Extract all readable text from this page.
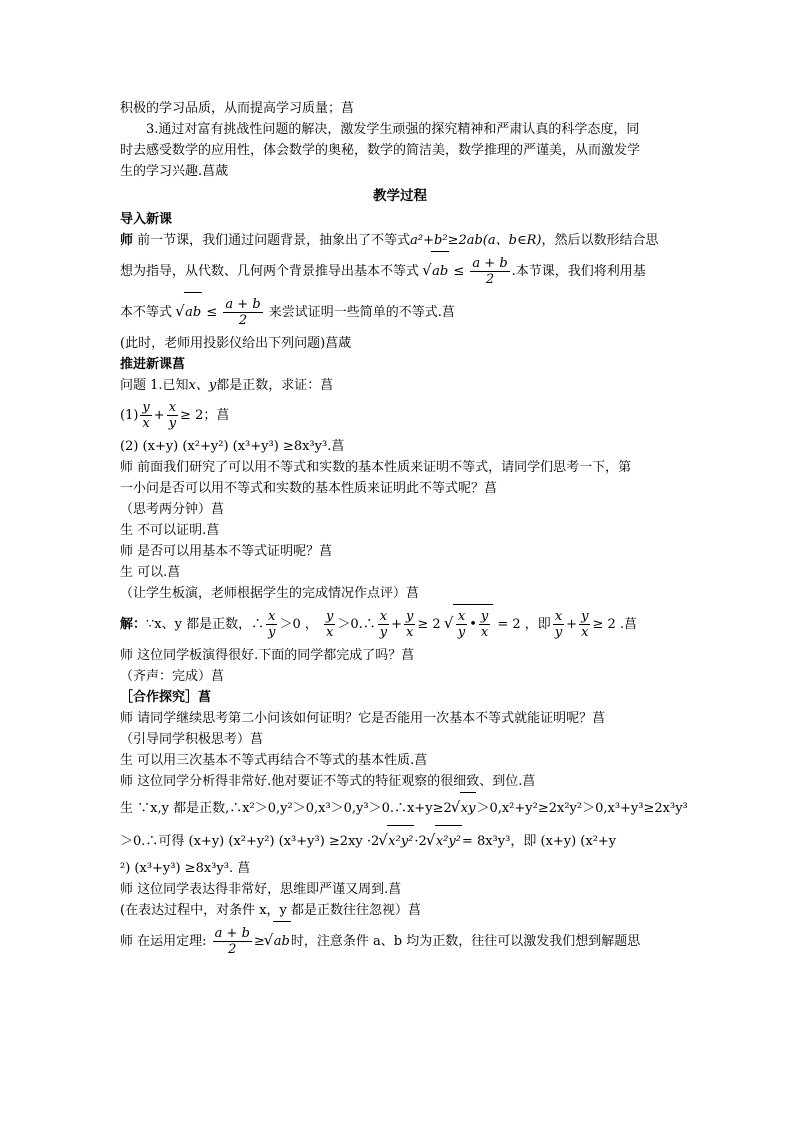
积极的学习品质，从而提高学习质量；菖
3.通过对富有挑战性问题的解决，激发学生顽强的探究精神和严肃认真的科学态度，同
时去感受数学的应用性，体会数学的奥秘，数学的简洁美，数学推理的严谨美，从而激发学
生的学习兴趣.菖蒧
教学过程
导入新课
师 前一节课，我们通过问题背景，抽象出了不等式a²+b²≥2ab(a、b∈R)，然后以数形结合思
想为指导，从代数、几何两个背景推导出基本不等式 √ ab ≤ $\frac{a + b}{2}$ .本节课，我们将利用基
本不等式 √ ab ≤ $\frac{a + b}{2}$ 来尝试证明一些简单的不等式.菖
(此时，老师用投影仪给出下列问题)菖蒧
推进新课菖
问题 1.已知x、y都是正数，求证：菖
$(1) \frac{y}{x} + \frac{x}{y} \ge 2$；菖
(2) (x+y) (x²+y²) (x³+y³) ≥8x³y³.菖
师 前面我们研究了可以用不等式和实数的基本性质来证明不等式，请同学们思考一下，第
一小问是否可以用不等式和实数的基本性质来证明此不等式呢？菖
（思考两分钟）菖
生 不可以证明.菖
师 是否可以用基本不等式证明呢？菖
生 可以.菖
（让学生板演，老师根据学生的完成情况作点评）菖
解：∵x、y 都是正数，∴ $\frac{x}{y} >0$ ， $\frac{y}{x}$ ＞0.∴ $\frac{x}{y} + \frac{y}{x} \ge 2$ √ $\frac{x}{y}$ • $\frac{y}{x} = 2$ ，即 $\frac{x}{y} + \frac{y}{x} \ge 2$ .菖
师 这位同学板演得很好.下面的同学都完成了吗？菖
（齐声：完成）菖
［合作探究］菖
师 请同学继续思考第二小问该如何证明？它是否能用一次基本不等式就能证明呢？菖
（引导同学积极思考）菖
生 可以用三次基本不等式再结合不等式的基本性质.菖
师 这位同学分析得非常好.他对要证不等式的特征观察的很细致、到位.菖
生 ∵x,y 都是正数,∴x²＞0,y²＞0,x³＞0,y³＞0.∴x+y≥2 √ xy＞0,x²+y²≥2x²y²＞0,x³+y³≥2x³y³
＞0.∴可得 (x+y) (x²+y²) (x³+y³) ≥2xy ·2 √ x²y²·2 √ x²y²= 8x³y³，即 (x+y) (x²+y
²) (x³+y³) ≥8x³y³. 菖
师 这位同学表达得非常好，思维即严谨又周到.菖
(在表达过程中，对条件 x，y 都是正数往往忽视）菖
师 在运用定理: $\frac{a + b}{2}$ ≥ √ ab时，注意条件 a、b 均为正数，往往可以激发我们想到解题思
